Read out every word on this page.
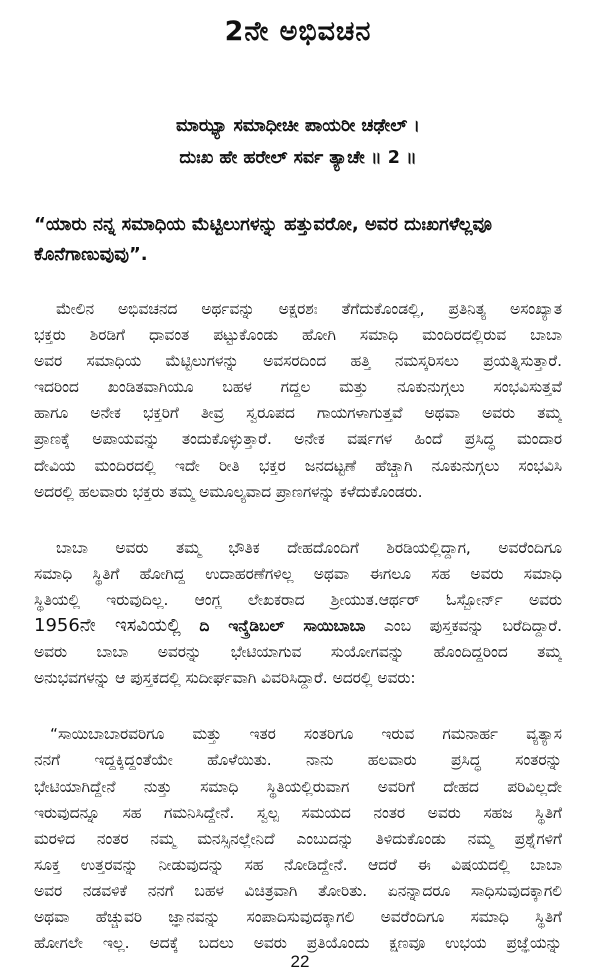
2ನೇ ಅಭಿವಚನ

ಮಾಝ್ಯಾ ಸಮಾಧೀಚೀ ಪಾಯರೀ ಚಢೇಲ್ ।

ದುಃಖ ಹೇ ಹರೇಲ್ ಸರ್ವ ತ್ಯಾಚೇ ॥ 2 ॥

“ಯಾರು ನನ್ನ ಸಮಾಧಿಯ ಮೆಟ್ಟಿಲುಗಳನ್ನು ಹತ್ತುವರೋ, ಅವರ ದುಃಖಗಳೆಲ್ಲವೂ

ಕೊನೆಗಾಣುವುವು”.

ಮೇಲಿನ ಅಭಿವಚನದ ಅರ್ಥವನ್ನು ಅಕ್ಷರಶಃ ತೆಗೆದುಕೊಂಡಲ್ಲಿ, ಪ್ರತಿನಿತ್ಯ ಅಸಂಖ್ಯಾತ
ಭಕ್ತರು ಶಿರಡಿಗೆ ಧಾವಂತ ಪಟ್ಟುಕೊಂಡು ಹೋಗಿ ಸಮಾಧಿ ಮಂದಿರದಲ್ಲಿರುವ ಬಾಬಾ
ಅವರ ಸಮಾಧಿಯ ಮೆಟ್ಟಿಲುಗಳನ್ನು ಅವಸರದಿಂದ ಹತ್ತಿ ನಮಸ್ಕರಿಸಲು ಪ್ರಯತ್ನಿಸುತ್ತಾರೆ.
ಇದರಿಂದ ಖಂಡಿತವಾಗಿಯೂ ಬಹಳ ಗದ್ದಲ ಮತ್ತು ನೂಕುನುಗ್ಗಲು ಸಂಭವಿಸುತ್ತವೆ
ಹಾಗೂ ಅನೇಕ ಭಕ್ತರಿಗೆ ತೀವ್ರ ಸ್ವರೂಪದ ಗಾಯಗಳಾಗುತ್ತವೆ ಅಥವಾ ಅವರು ತಮ್ಮ
ಪ್ರಾಣಕ್ಕೆ ಅಪಾಯವನ್ನು ತಂದುಕೊಳ್ಳುತ್ತಾರೆ. ಅನೇಕ ವರ್ಷಗಳ ಹಿಂದೆ ಪ್ರಸಿದ್ಧ ಮಂದಾರ
ದೇವಿಯ ಮಂದಿರದಲ್ಲಿ ಇದೇ ರೀತಿ ಭಕ್ತರ ಜನದಟ್ಟಣೆ ಹೆಚ್ಚಾಗಿ ನೂಕುನುಗ್ಗಲು ಸಂಭವಿಸಿ
ಅದರಲ್ಲಿ ಹಲವಾರು ಭಕ್ತರು ತಮ್ಮ ಅಮೂಲ್ಯವಾದ ಪ್ರಾಣಗಳನ್ನು ಕಳೆದುಕೊಂಡರು.
ಬಾಬಾ ಅವರು ತಮ್ಮ ಭೌತಿಕ ದೇಹದೊಂದಿಗೆ ಶಿರಡಿಯಲ್ಲಿದ್ದಾಗ, ಅವರೆಂದಿಗೂ
ಸಮಾಧಿ ಸ್ಥಿತಿಗೆ ಹೋಗಿದ್ದ ಉದಾಹರಣೆಗಳಿಲ್ಲ ಅಥವಾ ಈಗಲೂ ಸಹ ಅವರು ಸಮಾಧಿ
ಸ್ಥಿತಿಯಲ್ಲಿ ಇರುವುದಿಲ್ಲ. ಆಂಗ್ಲ ಲೇಖಕರಾದ ಶ್ರೀಯುತ.ಆರ್ಥರ್ ಓಸ್ಬೋರ್ನ್ ಅವರು
1956ನೇ ಇಸವಿಯಲ್ಲಿ ದಿ ಇನ್ಕ್ರೆಡಿಬಲ್ ಸಾಯಿಬಾಬಾ ಎಂಬ ಪುಸ್ತಕವನ್ನು ಬರೆದಿದ್ದಾರೆ.
ಅವರು ಬಾಬಾ ಅವರನ್ನು ಭೇಟಿಯಾಗುವ ಸುಯೋಗವನ್ನು ಹೊಂದಿದ್ದರಿಂದ ತಮ್ಮ
ಅನುಭವಗಳನ್ನು ಆ ಪುಸ್ತಕದಲ್ಲಿ ಸುದೀರ್ಘವಾಗಿ ವಿವರಿಸಿದ್ದಾರೆ. ಅದರಲ್ಲಿ ಅವರು:
“ಸಾಯಿಬಾಬಾರವರಿಗೂ ಮತ್ತು ಇತರ ಸಂತರಿಗೂ ಇರುವ ಗಮನಾರ್ಹ ವ್ಯತ್ಯಾಸ
ನನಗೆ ಇದ್ದಕ್ಕಿದ್ದಂತೆಯೇ ಹೊಳೆಯಿತು. ನಾನು ಹಲವಾರು ಪ್ರಸಿದ್ಧ ಸಂತರನ್ನು
ಭೇಟಿಯಾಗಿದ್ದೇನೆ ನುತ್ತು ಸಮಾಧಿ ಸ್ಥಿತಿಯಲ್ಲಿರುವಾಗ ಅವರಿಗೆ ದೇಹದ ಪರಿವಿಲ್ಲದೇ
ಇರುವುದನ್ನೂ ಸಹ ಗಮನಿಸಿದ್ದೇನೆ. ಸ್ವಲ್ಪ ಸಮಯದ ನಂತರ ಅವರು ಸಹಜ ಸ್ಥಿತಿಗೆ
ಮರಳಿದ ನಂತರ ನಮ್ಮ ಮನಸ್ಸಿನಲ್ಲೇನಿದೆ ಎಂಬುದನ್ನು ತಿಳಿದುಕೊಂಡು ನಮ್ಮ ಪ್ರಶ್ನೆಗಳಿಗೆ
ಸೂಕ್ತ ಉತ್ತರವನ್ನು ನೀಡುವುದನ್ನು ಸಹ ನೋಡಿದ್ದೇನೆ. ಆದರೆ ಈ ವಿಷಯದಲ್ಲಿ ಬಾಬಾ
ಅವರ ನಡವಳಿಕೆ ನನಗೆ ಬಹಳ ವಿಚಿತ್ರವಾಗಿ ತೋರಿತು. ಏನನ್ನಾದರೂ ಸಾಧಿಸುವುದಕ್ಕಾಗಲಿ
ಅಥವಾ ಹೆಚ್ಚುವರಿ ಜ್ಞಾನವನ್ನು ಸಂಪಾದಿಸುವುದಕ್ಕಾಗಲಿ ಅವರೆಂದಿಗೂ ಸಮಾಧಿ ಸ್ಥಿತಿಗೆ
ಹೋಗಲೇ ಇಲ್ಲ. ಅದಕ್ಕೆ ಬದಲು ಅವರು ಪ್ರತಿಯೊಂದು ಕ್ಷಣವೂ ಉಭಯ ಪ್ರಜ್ಞೆಯನ್ನು
22
